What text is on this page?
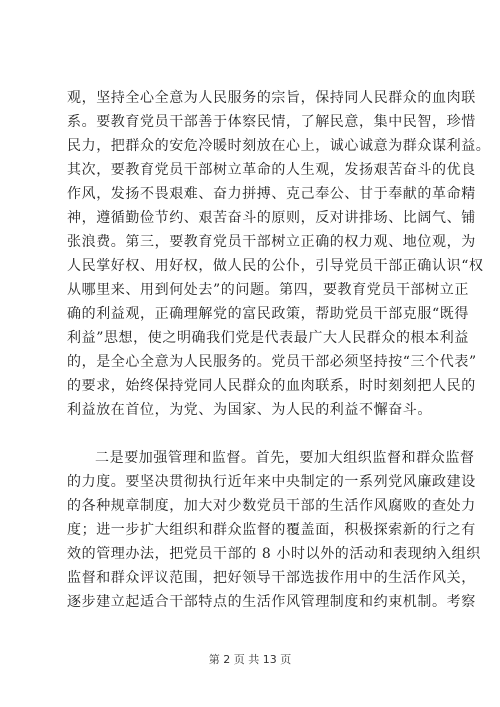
观，坚持全心全意为人民服务的宗旨，保持同人民群众的血肉联
系。要教育党员干部善于体察民情，了解民意，集中民智，珍惜
民力，把群众的安危冷暖时刻放在心上，诚心诚意为群众谋利益。
其次，要教育党员干部树立革命的人生观，发扬艰苦奋斗的优良
作风，发扬不畏艰难、奋力拼搏、克己奉公、甘于奉献的革命精
神，遵循勤俭节约、艰苦奋斗的原则，反对讲排场、比阔气、铺
张浪费。第三，要教育党员干部树立正确的权力观、地位观，为
人民掌好权、用好权，做人民的公仆，引导党员干部正确认识“权
从哪里来、用到何处去”的问题。第四，要教育党员干部树立正
确的利益观，正确理解党的富民政策，帮助党员干部克服“既得
利益”思想，使之明确我们党是代表最广大人民群众的根本利益
的，是全心全意为人民服务的。党员干部必须坚持按“三个代表”
的要求，始终保持党同人民群众的血肉联系，时时刻刻把人民的
利益放在首位，为党、为国家、为人民的利益不懈奋斗。
二是要加强管理和监督。首先，要加大组织监督和群众监督
的力度。要坚决贯彻执行近年来中央制定的一系列党风廉政建设
的各种规章制度，加大对少数党员干部的生活作风腐败的查处力
度；进一步扩大组织和群众监督的覆盖面，积极探索新的行之有
效的管理办法，把党员干部的 8 小时以外的活动和表现纳入组织
监督和群众评议范围，把好领导干部选拔作用中的生活作风关，
逐步建立起适合干部特点的生活作风管理制度和约束机制。考察
第 2 页 共 13 页
